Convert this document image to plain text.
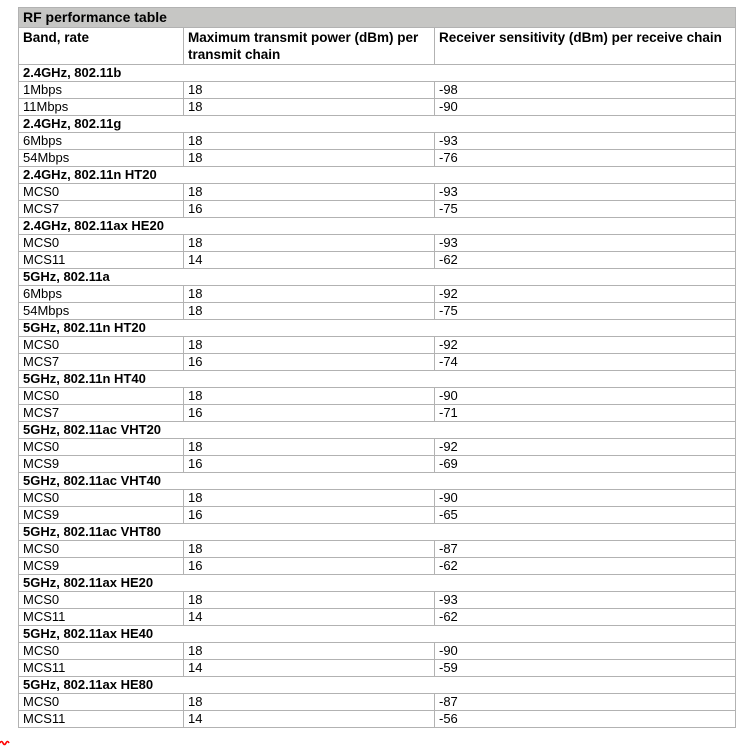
RF performance table		
Band, rate	Maximum transmit power (dBm) per transmit chain	Receiver sensitivity (dBm) per receive chain
2.4GHz, 802.11b		
1Mbps	18	-98
11Mbps	18	-90
2.4GHz, 802.11g		
6Mbps	18	-93
54Mbps	18	-76
2.4GHz, 802.11n HT20		
MCS0	18	-93
MCS7	16	-75
2.4GHz, 802.11ax HE20		
MCS0	18	-93
MCS11	14	-62
5GHz, 802.11a		
6Mbps	18	-92
54Mbps	18	-75
5GHz, 802.11n HT20		
MCS0	18	-92
MCS7	16	-74
5GHz, 802.11n HT40		
MCS0	18	-90
MCS7	16	-71
5GHz, 802.11ac VHT20		
MCS0	18	-92
MCS9	16	-69
5GHz, 802.11ac VHT40		
MCS0	18	-90
MCS9	16	-65
5GHz, 802.11ac VHT80		
MCS0	18	-87
MCS9	16	-62
5GHz, 802.11ax HE20		
MCS0	18	-93
MCS11	14	-62
5GHz, 802.11ax HE40		
MCS0	18	-90
MCS11	14	-59
5GHz, 802.11ax HE80		
MCS0	18	-87
MCS11	14	-56
